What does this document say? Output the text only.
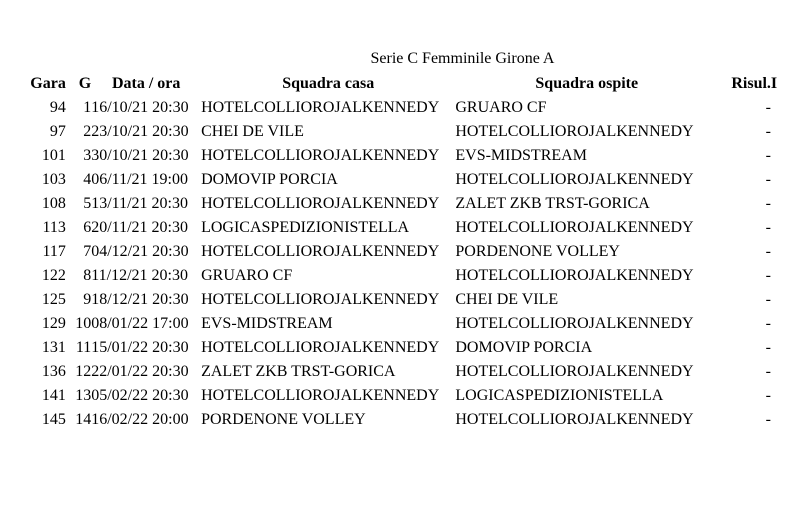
Serie C Femminile Girone A
Gara	G	Data / ora	Squadra casa	Squadra ospite	Risul.	I
94	1	16/10/21 20:30	HOTELCOLLIOROJALKENNEDY	GRUARO CF	-	
97	2	23/10/21 20:30	CHEI DE VILE	HOTELCOLLIOROJALKENNEDY	-	
101	3	30/10/21 20:30	HOTELCOLLIOROJALKENNEDY	EVS-MIDSTREAM	-	
103	4	06/11/21 19:00	DOMOVIP PORCIA	HOTELCOLLIOROJALKENNEDY	-	
108	5	13/11/21 20:30	HOTELCOLLIOROJALKENNEDY	ZALET ZKB TRST-GORICA	-	
113	6	20/11/21 20:30	LOGICASPEDIZIONISTELLA	HOTELCOLLIOROJALKENNEDY	-	
117	7	04/12/21 20:30	HOTELCOLLIOROJALKENNEDY	PORDENONE VOLLEY	-	
122	8	11/12/21 20:30	GRUARO CF	HOTELCOLLIOROJALKENNEDY	-	
125	9	18/12/21 20:30	HOTELCOLLIOROJALKENNEDY	CHEI DE VILE	-	
129	10	08/01/22 17:00	EVS-MIDSTREAM	HOTELCOLLIOROJALKENNEDY	-	
131	11	15/01/22 20:30	HOTELCOLLIOROJALKENNEDY	DOMOVIP PORCIA	-	
136	12	22/01/22 20:30	ZALET ZKB TRST-GORICA	HOTELCOLLIOROJALKENNEDY	-	
141	13	05/02/22 20:30	HOTELCOLLIOROJALKENNEDY	LOGICASPEDIZIONISTELLA	-	
145	14	16/02/22 20:00	PORDENONE VOLLEY	HOTELCOLLIOROJALKENNEDY	-	
